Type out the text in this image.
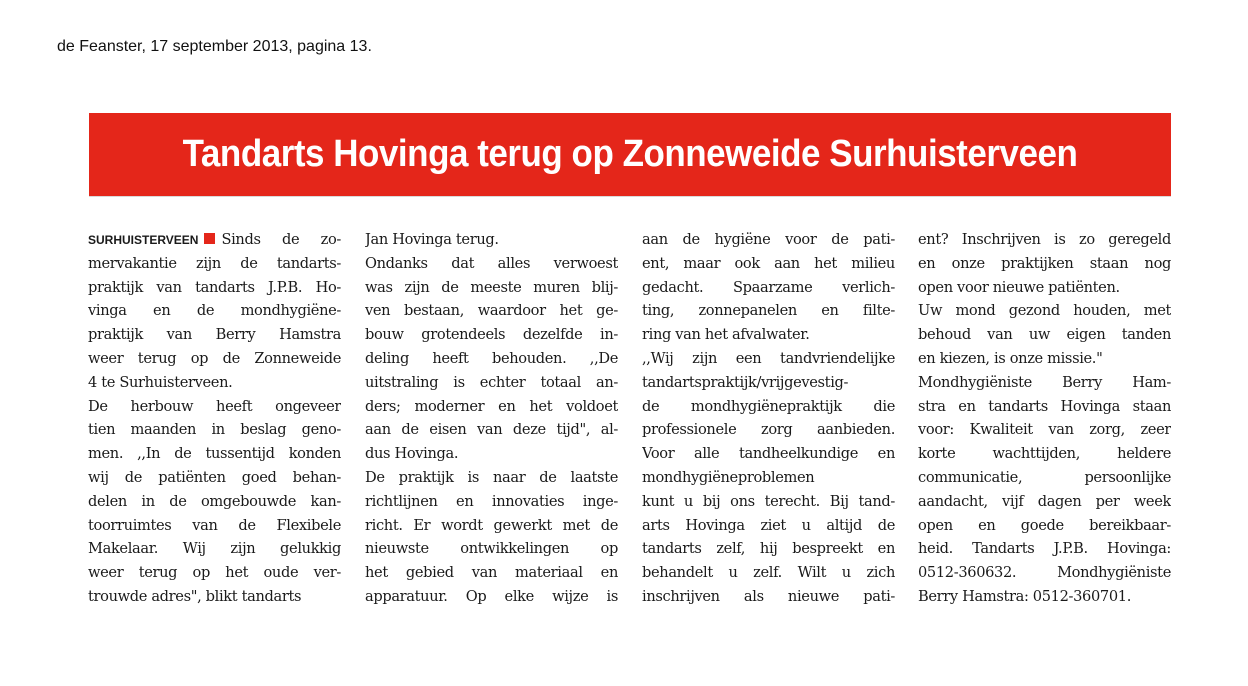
de Feanster, 17 september 2013, pagina 13.
Tandarts Hovinga terug op Zonneweide Surhuisterveen
SURHUISTERVEEN Sinds de zo-
mervakantie zijn de tandarts-
praktijk van tandarts J.P.B. Ho-
vinga en de mondhygiëne-
praktijk van Berry Hamstra
weer terug op de Zonneweide
4 te Surhuisterveen.
De herbouw heeft ongeveer
tien maanden in beslag geno-
men. ,,In de tussentijd konden
wij de patiënten goed behan-
delen in de omgebouwde kan-
toorruimtes van de Flexibele
Makelaar. Wij zijn gelukkig
weer terug op het oude ver-
trouwde adres", blikt tandarts
Jan Hovinga terug.
Ondanks dat alles verwoest
was zijn de meeste muren blij-
ven bestaan, waardoor het ge-
bouw grotendeels dezelfde in-
deling heeft behouden. ,,De
uitstraling is echter totaal an-
ders; moderner en het voldoet
aan de eisen van deze tijd", al-
dus Hovinga.
De praktijk is naar de laatste
richtlijnen en innovaties inge-
richt. Er wordt gewerkt met de
nieuwste ontwikkelingen op
het gebied van materiaal en
apparatuur. Op elke wijze is
aan de hygiëne voor de pati-
ent, maar ook aan het milieu
gedacht. Spaarzame verlich-
ting, zonnepanelen en filte-
ring van het afvalwater.
,,Wij zijn een tandvriendelijke
tandartspraktijk/vrijgevestig-
de mondhygiënepraktijk die
professionele zorg aanbieden.
Voor alle tandheelkundige en
mondhygiëneproblemen
kunt u bij ons terecht. Bij tand-
arts Hovinga ziet u altijd de
tandarts zelf, hij bespreekt en
behandelt u zelf. Wilt u zich
inschrijven als nieuwe pati-
ent? Inschrijven is zo geregeld
en onze praktijken staan nog
open voor nieuwe patiënten.
Uw mond gezond houden, met
behoud van uw eigen tanden
en kiezen, is onze missie."
Mondhygiëniste Berry Ham-
stra en tandarts Hovinga staan
voor: Kwaliteit van zorg, zeer
korte wachttijden, heldere
communicatie, persoonlijke
aandacht, vijf dagen per week
open en goede bereikbaar-
heid. Tandarts J.P.B. Hovinga:
0512-360632. Mondhygiëniste
Berry Hamstra: 0512-360701.
